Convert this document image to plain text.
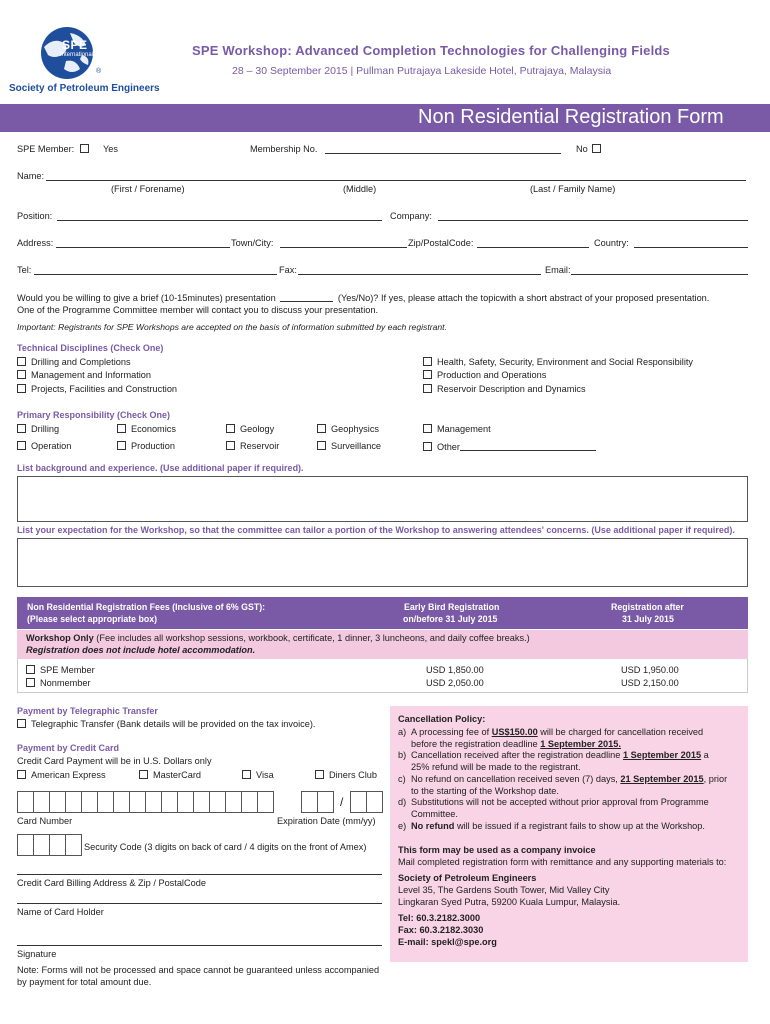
®
SPE
International
Society of Petroleum Engineers
SPE Workshop: Advanced Completion Technologies for Challenging Fields
28 – 30 September 2015 | Pullman Putrajaya Lakeside Hotel, Putrajaya, Malaysia
Non Residential Registration Form
SPE Member:	Yes	Membership No.	No
Name:
(First / Forename)	(Middle)	(Last / Family Name)
Position:	Company:
Address:	Town/City:	Zip/PostalCode:	Country:
Tel:	Fax:	Email:
Would you be willing to give a brief (10-15minutes) presentation	(Yes/No)? If yes, please attach the topicwith a short abstract of your proposed presentation.
One of the Programme Committee member will contact you to discuss your presentation.
Important: Registrants for SPE Workshops are accepted on the basis of information submitted by each registrant.
Technical Disciplines (Check One)
Drilling and Completions
Management and Information
Projects, Facilities and Construction
Health, Safety, Security, Environment and Social Responsibility
Production and Operations
Reservoir Description and Dynamics
Primary Responsibility (Check One)
Drilling	Economics	Geology	Geophysics	Management
Operation	Production	Reservoir	Surveillance	Other
List background and experience. (Use additional paper if required).
List your expectation for the Workshop, so that the committee can tailor a portion of the Workshop to answering attendees' concerns. (Use additional paper if required).
Non Residential Registration Fees (Inclusive of 6% GST):
(Please select appropriate box)
Early Bird Registration
on/before 31 July 2015
Registration after
31 July 2015
Workshop Only (Fee includes all workshop sessions, workbook, certificate, 1 dinner, 3 luncheons, and daily coffee breaks.)
Registration does not include hotel accommodation.
SPE Member	USD 1,850.00	USD 1,950.00
Nonmember	USD 2,050.00	USD 2,150.00
Payment by Telegraphic Transfer
Telegraphic Transfer (Bank details will be provided on the tax invoice).
Payment by Credit Card
Credit Card Payment will be in U.S. Dollars only
American Express	MasterCard	Visa	Diners Club
/
Card Number	Expiration Date (mm/yy)
Security Code (3 digits on back of card / 4 digits on the front of Amex)
Credit Card Billing Address & Zip / PostalCode
Name of Card Holder
Signature
Note: Forms will not be processed and space cannot be guaranteed unless accompanied
by payment for total amount due.
Cancellation Policy:
a) A processing fee of US$150.00 will be charged for cancellation received
before the registration deadline 1 September 2015.
b) Cancellation received after the registration deadline 1 September 2015 a
25% refund will be made to the registrant.
c) No refund on cancellation received seven (7) days, 21 September 2015, prior
to the starting of the Workshop date.
d) Substitutions will not be accepted without prior approval from Programme
Committee.
e) No refund will be issued if a registrant fails to show up at the Workshop.
This form may be used as a company invoice
Mail completed registration form with remittance and any supporting materials to:
Society of Petroleum Engineers
Level 35, The Gardens South Tower, Mid Valley City
Lingkaran Syed Putra, 59200 Kuala Lumpur, Malaysia.
Tel: 60.3.2182.3000
Fax: 60.3.2182.3030
E-mail: spekl@spe.org
